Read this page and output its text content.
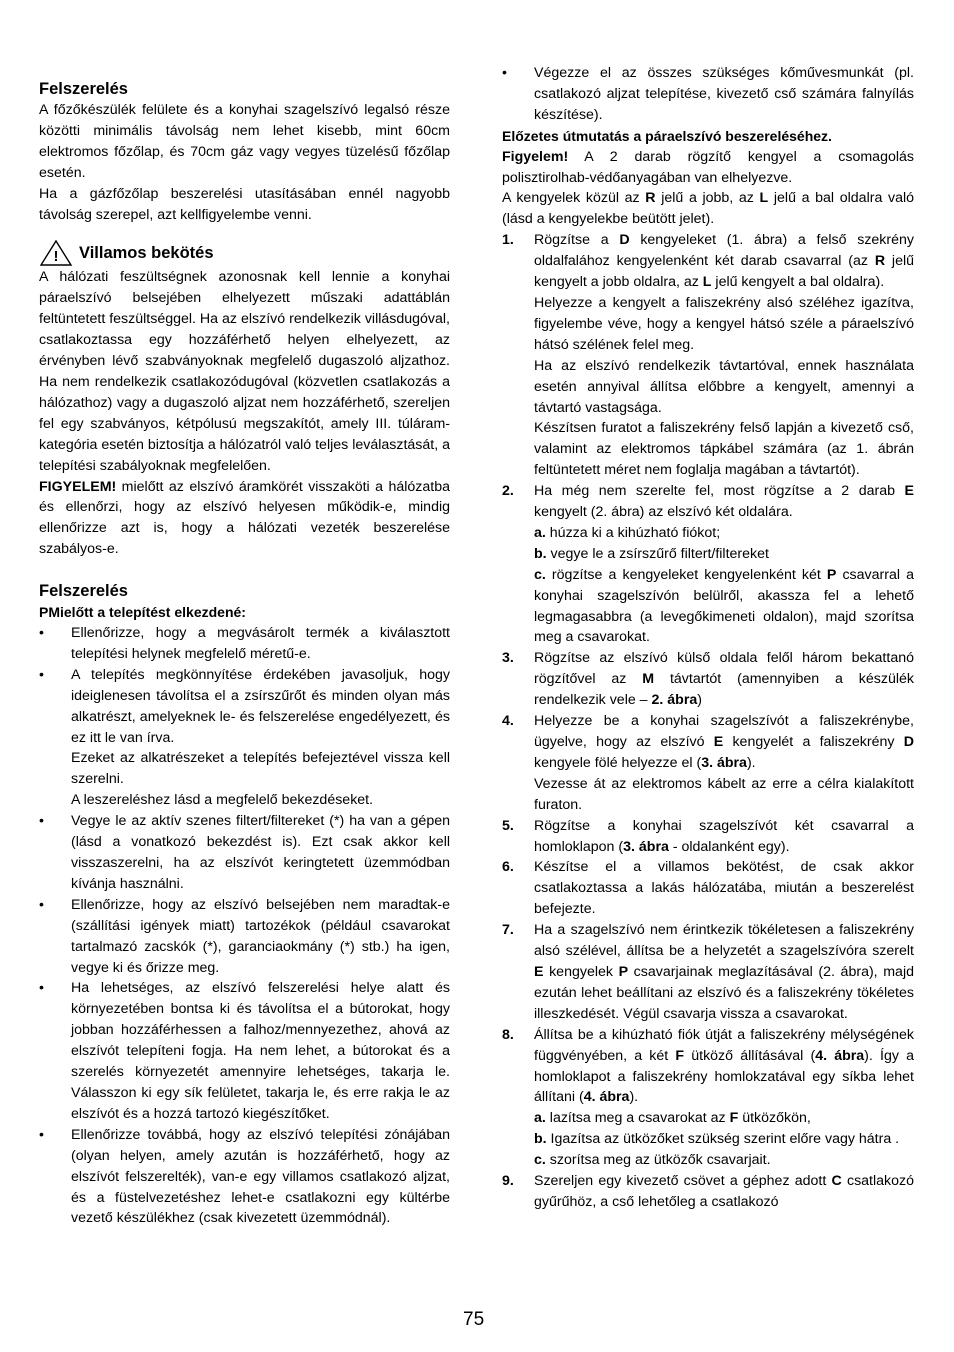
Felszerelés

A főzőkészülék felülete és a konyhai szagelszívó legalsó része közötti minimális távolság nem lehet kisebb, mint 60cm elektromos főzőlap, és 70cm gáz vagy vegyes tüzelésű főzőlap esetén.

Ha a gázfőzőlap beszerelési utasításában ennél nagyobb távolság szerepel, azt kellfigyelembe venni.

! Villamos bekötés

A hálózati feszültségnek azonosnak kell lennie a konyhai páraelszívó belsejében elhelyezett műszaki adattáblán feltüntetett feszültséggel. Ha az elszívó rendelkezik villásdugóval, csatlakoztassa egy hozzáférhető helyen elhelyezett, az érvényben lévő szabványoknak megfelelő dugaszoló aljzathoz. Ha nem rendelkezik csatlakozódugóval (közvetlen csatlakozás a hálózathoz) vagy a dugaszoló aljzat nem hozzáférhető, szereljen fel egy szabványos, kétpólusú megszakítót, amely III. túláram-kategória esetén biztosítja a hálózatról való teljes leválasztását, a telepítési szabályoknak megfelelően.

FIGYELEM! mielőtt az elszívó áramkörét visszaköti a hálózatba és ellenőrzi, hogy az elszívó helyesen működik-e, mindig ellenőrizze azt is, hogy a hálózati vezeték beszerelése szabályos-e.

Felszerelés

PMielőtt a telepítést elkezdené:

• Ellenőrizze, hogy a megvásárolt termék a kiválasztott telepítési helynek megfelelő méretű-e.
• A telepítés megkönnyítése érdekében javasoljuk, hogy ideiglenesen távolítsa el a zsírszűrőt és minden olyan más alkatrészt, amelyeknek le- és felszerelése engedélyezett, és ez itt le van írva.

Ezeket az alkatrészeket a telepítés befejeztével vissza kell szerelni.

A leszereléshez lásd a megfelelő bekezdéseket.

• Vegye le az aktív szenes filtert/filtereket (*) ha van a gépen (lásd a vonatkozó bekezdést is). Ezt csak akkor kell visszaszerelni, ha az elszívót keringtetett üzemmódban kívánja használni.
• Ellenőrizze, hogy az elszívó belsejében nem maradtak-e (szállítási igények miatt) tartozékok (például csavarokat tartalmazó zacskók (*), garanciaokmány (*) stb.) ha igen, vegye ki és őrizze meg.
• Ha lehetséges, az elszívó felszerelési helye alatt és környezetében bontsa ki és távolítsa el a bútorokat, hogy jobban hozzáférhessen a falhoz/mennyezethez, ahová az elszívót telepíteni fogja. Ha nem lehet, a bútorokat és a szerelés környezetét amennyire lehetséges, takarja le. Válasszon ki egy sík felületet, takarja le, és erre rakja le az elszívót és a hozzá tartozó kiegészítőket.
• Ellenőrizze továbbá, hogy az elszívó telepítési zónájában (olyan helyen, amely azután is hozzáférhető, hogy az elszívót felszerelték), van-e egy villamos csatlakozó aljzat, és a füstelvezetéshez lehet-e csatlakozni egy kültérbe vezető készülékhez (csak kivezetett üzemmódnál).
• Végezze el az összes szükséges kőművesmunkát (pl. csatlakozó aljzat telepítése, kivezető cső számára falnyílás készítése).

Előzetes útmutatás a páraelszívó beszereléséhez.

Figyelem! A 2 darab rögzítő kengyel a csomagolás polisztirolhab-védőanyagában van elhelyezve.

A kengyelek közül az R jelű a jobb, az L jelű a bal oldalra való (lásd a kengyelekbe beütött jelet).

1. Rögzítse a D kengyeleket (1. ábra) a felső szekrény oldalfalához kengyelenként két darab csavarral (az R jelű kengyelt a jobb oldalra, az L jelű kengyelt a bal oldalra).

Helyezze a kengyelt a faliszekrény alsó széléhez igazítva, figyelembe véve, hogy a kengyel hátsó széle a páraelszívó hátsó szélének felel meg.

Ha az elszívó rendelkezik távtartóval, ennek használata esetén annyival állítsa előbbre a kengyelt, amennyi a távtartó vastagsága.

Készítsen furatot a faliszekrény felső lapján a kivezető cső, valamint az elektromos tápkábel számára (az 1. ábrán feltüntetett méret nem foglalja magában a távtartót).

2. Ha még nem szerelte fel, most rögzítse a 2 darab E kengyelt (2. ábra) az elszívó két oldalára.

a. húzza ki a kihúzható fiókot;

b. vegye le a zsírszűrő filtert/filtereket

c. rögzítse a kengyeleket kengyelenként két P csavarral a konyhai szagelszívón belülről, akassza fel a lehető legmagasabbra (a levegőkimeneti oldalon), majd szorítsa meg a csavarokat.

3. Rögzítse az elszívó külső oldala felől három bekattanó rögzítővel az M távtartót (amennyiben a készülék rendelkezik vele – 2. ábra)

4. Helyezze be a konyhai szagelszívót a faliszekrénybe, ügyelve, hogy az elszívó E kengyelét a faliszekrény D kengyele fölé helyezze el (3. ábra).

Vezesse át az elektromos kábelt az erre a célra kialakított furaton.

5. Rögzítse a konyhai szagelszívót két csavarral a homloklapon (3. ábra - oldalanként egy).

6. Készítse el a villamos bekötést, de csak akkor csatlakoztassa a lakás hálózatába, miután a beszerelést befejezte.

7. Ha a szagelszívó nem érintkezik tökéletesen a faliszekrény alsó szélével, állítsa be a helyzetét a szagelszívóra szerelt E kengyelek P csavarjainak meglazításával (2. ábra), majd ezután lehet beállítani az elszívó és a faliszekrény tökéletes illeszkedését. Végül csavarja vissza a csavarokat.

8. Állítsa be a kihúzható fiók útját a faliszekrény mélységének függvényében, a két F ütköző állításával (4. ábra). Így a homloklapot a faliszekrény homlokzatával egy síkba lehet állítani (4. ábra).

a. lazítsa meg a csavarokat az F ütközőkön,

b. Igazítsa az ütközőket szükség szerint előre vagy hátra .

c. szorítsa meg az ütközők csavarjait.

9. Szereljen egy kivezető csövet a géphez adott C csatlakozó gyűrűhöz, a cső lehetőleg a csatlakozó

75
